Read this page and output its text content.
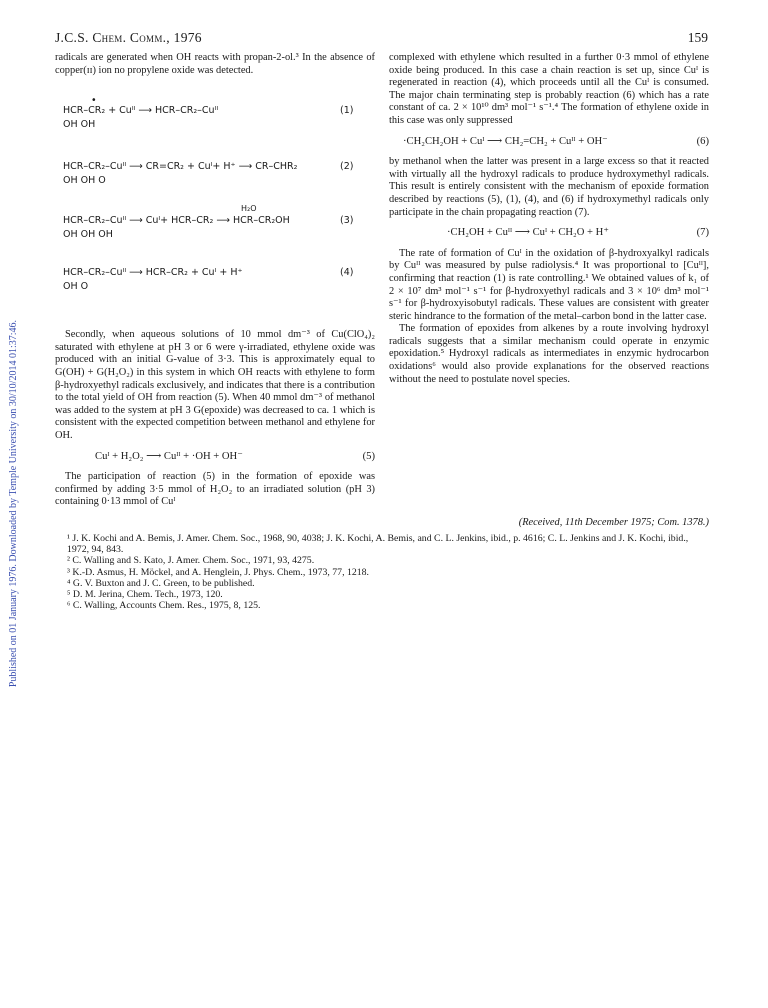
Published on 01 January 1976. Downloaded by Temple University on 30/10/2014 01:37:46.
J.C.S. Chem. Comm., 1976	159

radicals are generated when OH reacts with propan-2-ol.³ In the absence of copper(ɪɪ) ion no propylene oxide was detected.

HCR–CR₂ + Cuᴵᴵ ⟶ HCR–CR₂–Cuᴵᴵ
•
OH OH
(1)
HCR–CR₂–Cuᴵᴵ ⟶ CR=CR₂ + Cuᴵ+ H⁺ ⟶ CR–CHR₂
OH OH O
(2)
H₂O
HCR–CR₂–Cuᴵᴵ ⟶ Cuᴵ+ HCR–CR₂ ⟶ HCR–CR₂OH
OH OH OH
(3)
HCR–CR₂–Cuᴵᴵ ⟶ HCR–CR₂ + Cuᴵ + H⁺
OH O
(4)

Secondly, when aqueous solutions of 10 mmol dm⁻³ of Cu(ClO₄)₂ saturated with ethylene at pH 3 or 6 were γ-irradiated, ethylene oxide was produced with an initial G-value of 3·3. This is approximately equal to G(OH) + G(H₂O₂) in this system in which OH reacts with ethylene to form β-hydroxyethyl radicals exclusively, and indicates that there is a contribution to the total yield of OH from reaction (5). When 40 mmol dm⁻³ of methanol was added to the system at pH 3 G(epoxide) was decreased to ca. 1 which is consistent with the expected competition between methanol and ethylene for OH.

Cuᴵ + H₂O₂ ⟶ Cuᴵᴵ + ·OH + OH⁻	(5)

The participation of reaction (5) in the formation of epoxide was confirmed by adding 3·5 mmol of H₂O₂ to an irradiated solution (pH 3) containing 0·13 mmol of Cuᴵ

complexed with ethylene which resulted in a further 0·3 mmol of ethylene oxide being produced. In this case a chain reaction is set up, since Cuᴵ is regenerated in reaction (4), which proceeds until all the Cuᴵ is consumed. The major chain terminating step is probably reaction (6) which has a rate constant of ca. 2 × 10¹⁰ dm³ mol⁻¹ s⁻¹.⁴ The formation of ethylene oxide in this case was only suppressed

·CH₂CH₂OH + Cuᴵ ⟶ CH₂=CH₂ + Cuᴵᴵ + OH⁻	(6)

by methanol when the latter was present in a large excess so that it reacted with virtually all the hydroxyl radicals to produce hydroxymethyl radicals. This result is entirely consistent with the mechanism of epoxide formation described by reactions (5), (1), (4), and (6) if hydroxymethyl radicals only participate in the chain propagating reaction (7).

·CH₂OH + Cuᴵᴵ ⟶ Cuᴵ + CH₂O + H⁺	(7)

The rate of formation of Cuᴵ in the oxidation of β-hydroxyalkyl radicals by Cuᴵᴵ was measured by pulse radiolysis.⁴ It was proportional to [Cuᴵᴵ], confirming that reaction (1) is rate controlling.¹ We obtained values of k₁ of 2 × 10⁷ dm³ mol⁻¹ s⁻¹ for β-hydroxyethyl radicals and 3 × 10⁶ dm³ mol⁻¹ s⁻¹ for β-hydroxyisobutyl radicals. These values are consistent with greater steric hindrance to the formation of the metal–carbon bond in the latter case.

The formation of epoxides from alkenes by a route involving hydroxyl radicals suggests that a similar mechanism could operate in enzymic epoxidation.⁵ Hydroxyl radicals as intermediates in enzymic hydrocarbon oxidations⁶ would also provide explanations for the observed reactions without the need to postulate novel species.

(Received, 11th December 1975; Com. 1378.)
¹ J. K. Kochi and A. Bemis, J. Amer. Chem. Soc., 1968, 90, 4038; J. K. Kochi, A. Bemis, and C. L. Jenkins, ibid., p. 4616; C. L. Jenkins and J. K. Kochi, ibid., 1972, 94, 843.
² C. Walling and S. Kato, J. Amer. Chem. Soc., 1971, 93, 4275.
³ K.-D. Asmus, H. Möckel, and A. Henglein, J. Phys. Chem., 1973, 77, 1218.
⁴ G. V. Buxton and J. C. Green, to be published.
⁵ D. M. Jerina, Chem. Tech., 1973, 120.
⁶ C. Walling, Accounts Chem. Res., 1975, 8, 125.
